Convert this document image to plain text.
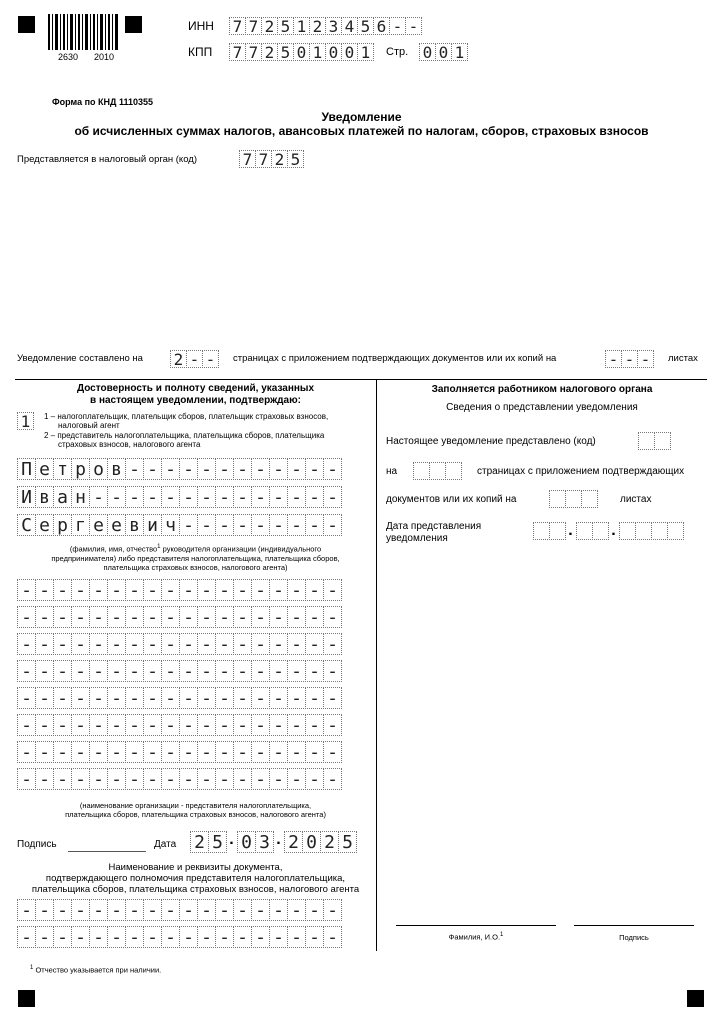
2630 2010
ИНН 7 7 2 5 1 2 3 4 5 6 - -
КПП 7 7 2 5 0 1 0 0 1	Стр. 0 0 1
Форма по КНД 1110355
Уведомление
об исчисленных суммах налогов, авансовых платежей по налогам, сборов, страховых взносов
Представляется в налоговый орган (код)	7 7 2 5
Уведомление составлено на 2 - -	страницах с приложением подтверждающих документов или их копий на	- - -	листах
Достоверность и полноту сведений, указанных
в настоящем уведомлении, подтверждаю:
1	1 – налогоплательщик, плательщик сборов, плательщик страховых взносов,
налоговый агент
2 – представитель налогоплательщика, плательщика сборов, плательщика
страховых взносов, налогового агента
П е т р о в - - - - - - - - - - - -
И в а н - - - - - - - - - - - - - -
С е р г е е в и ч - - - - - - - - -
(фамилия, имя, отчество$^1$ руководителя организации (индивидуального
предпринимателя) либо представителя налогоплательщика, плательщика сборов,
плательщика страховых взносов, налогового агента)
- - - - - - - - - - - - - - - - - -
- - - - - - - - - - - - - - - - - -
- - - - - - - - - - - - - - - - - -
- - - - - - - - - - - - - - - - - -
- - - - - - - - - - - - - - - - - -
- - - - - - - - - - - - - - - - - -
- - - - - - - - - - - - - - - - - -
- - - - - - - - - - - - - - - - - -
(наименование организации - представителя налогоплательщика,
плательщика сборов, плательщика страховых взносов, налогового агента)
Подпись	Дата 2 5 . 0 3 . 2 0 2 5
Наименование и реквизиты документа,
подтверждающего полномочия представителя налогоплательщика,
плательщика сборов, плательщика страховых взносов, налогового агента
- - - - - - - - - - - - - - - - - -
- - - - - - - - - - - - - - - - - -
Заполняется работником налогового органа
Сведения о представлении уведомления
Настоящее уведомление представлено (код)
на	страницах с приложением подтверждающих
документов или их копий на	листах
Дата представления
уведомления	. .
Фамилия, И.О.$^1$	Подпись
$^1$ Отчество указывается при наличии.
